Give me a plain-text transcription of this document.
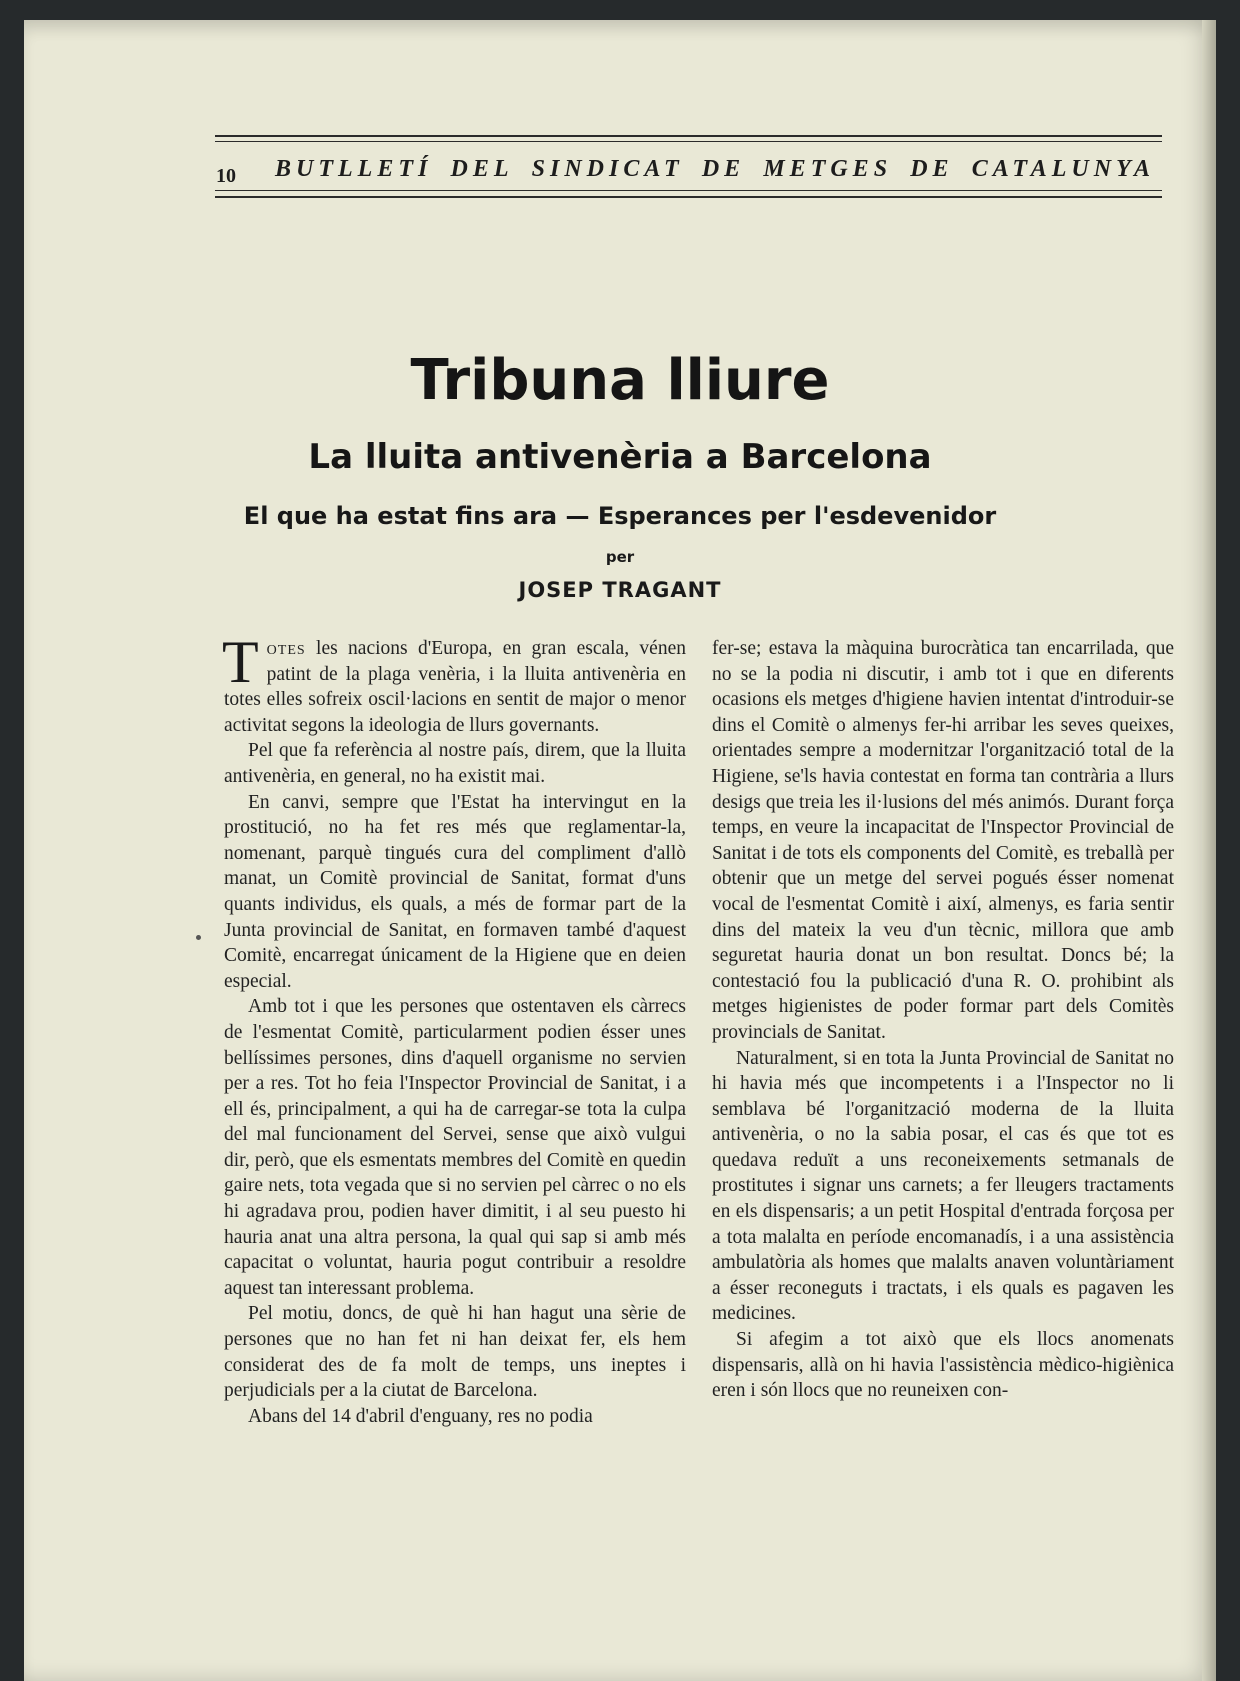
10 BUTLLETÍ DEL SINDICAT DE METGES DE CATALUNYA
Tribuna lliure
La lluita antivenèria a Barcelona
El que ha estat fins ara — Esperances per l'esdevenidor
per
JOSEP TRAGANT

Totes les nacions d'Europa, en gran escala, vénen patint de la plaga venèria, i la lluita antivenèria en totes elles sofreix oscil·lacions en sentit de major o menor activitat segons la ideologia de llurs governants.

Pel que fa referència al nostre país, direm, que la lluita antivenèria, en general, no ha existit mai.

En canvi, sempre que l'Estat ha intervingut en la prostitució, no ha fet res més que reglamentar-la, nomenant, parquè tingués cura del compliment d'allò manat, un Comitè provincial de Sanitat, format d'uns quants individus, els quals, a més de formar part de la Junta provincial de Sanitat, en formaven també d'aquest Comitè, encarregat únicament de la Higiene que en deien especial.

Amb tot i que les persones que ostentaven els càrrecs de l'esmentat Comitè, particularment podien ésser unes bellíssimes persones, dins d'aquell organisme no servien per a res. Tot ho feia l'Inspector Provincial de Sanitat, i a ell és, principalment, a qui ha de carregar-se tota la culpa del mal funcionament del Servei, sense que això vulgui dir, però, que els esmentats membres del Comitè en quedin gaire nets, tota vegada que si no servien pel càrrec o no els hi agradava prou, podien haver dimitit, i al seu puesto hi hauria anat una altra persona, la qual qui sap si amb més capacitat o voluntat, hauria pogut contribuir a resoldre aquest tan interessant problema.

Pel motiu, doncs, de què hi han hagut una sèrie de persones que no han fet ni han deixat fer, els hem considerat des de fa molt de temps, uns ineptes i perjudicials per a la ciutat de Barcelona.

Abans del 14 d'abril d'enguany, res no podia

fer-se; estava la màquina burocràtica tan encarrilada, que no se la podia ni discutir, i amb tot i que en diferents ocasions els metges d'higiene havien intentat d'introduir-se dins el Comitè o almenys fer-hi arribar les seves queixes, orientades sempre a modernitzar l'organització total de la Higiene, se'ls havia contestat en forma tan contrària a llurs desigs que treia les il·lusions del més animós. Durant força temps, en veure la incapacitat de l'Inspector Provincial de Sanitat i de tots els components del Comitè, es treballà per obtenir que un metge del servei pogués ésser nomenat vocal de l'esmentat Comitè i així, almenys, es faria sentir dins del mateix la veu d'un tècnic, millora que amb seguretat hauria donat un bon resultat. Doncs bé; la contestació fou la publicació d'una R. O. prohibint als metges higienistes de poder formar part dels Comitès provincials de Sanitat.

Naturalment, si en tota la Junta Provincial de Sanitat no hi havia més que incompetents i a l'Inspector no li semblava bé l'organització moderna de la lluita antivenèria, o no la sabia posar, el cas és que tot es quedava reduït a uns reconeixements setmanals de prostitutes i signar uns carnets; a fer lleugers tractaments en els dispensaris; a un petit Hospital d'entrada forçosa per a tota malalta en període encomanadís, i a una assistència ambulatòria als homes que malalts anaven voluntàriament a ésser reconeguts i tractats, i els quals es pagaven les medicines.

Si afegim a tot això que els llocs anomenats dispensaris, allà on hi havia l'assistència mèdico-higiènica eren i són llocs que no reuneixen con-
